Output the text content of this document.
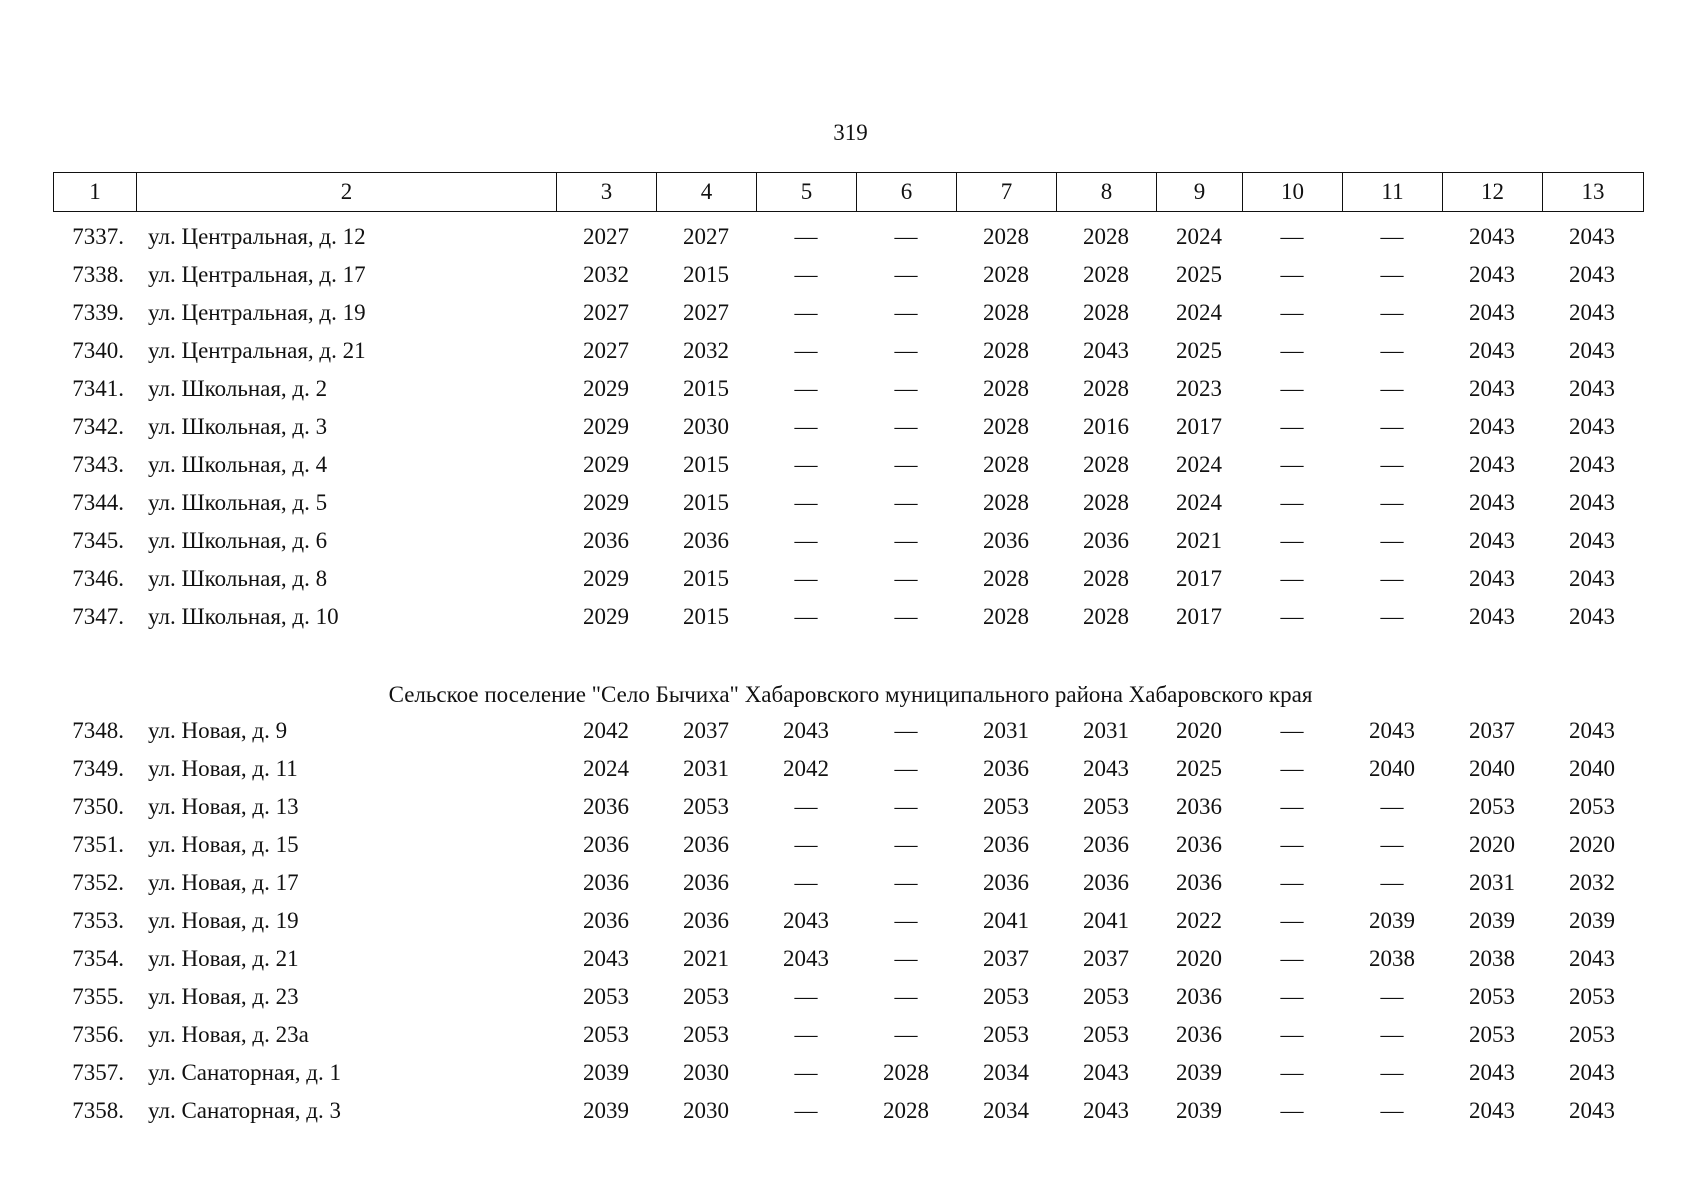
319
1	2	3	4	5	6	7	8	9	10	11	12	13
7337.	ул. Центральная, д. 12	2027	2027	—	—	2028	2028	2024	—	—	2043	2043
7338.	ул. Центральная, д. 17	2032	2015	—	—	2028	2028	2025	—	—	2043	2043
7339.	ул. Центральная, д. 19	2027	2027	—	—	2028	2028	2024	—	—	2043	2043
7340.	ул. Центральная, д. 21	2027	2032	—	—	2028	2043	2025	—	—	2043	2043
7341.	ул. Школьная, д. 2	2029	2015	—	—	2028	2028	2023	—	—	2043	2043
7342.	ул. Школьная, д. 3	2029	2030	—	—	2028	2016	2017	—	—	2043	2043
7343.	ул. Школьная, д. 4	2029	2015	—	—	2028	2028	2024	—	—	2043	2043
7344.	ул. Школьная, д. 5	2029	2015	—	—	2028	2028	2024	—	—	2043	2043
7345.	ул. Школьная, д. 6	2036	2036	—	—	2036	2036	2021	—	—	2043	2043
7346.	ул. Школьная, д. 8	2029	2015	—	—	2028	2028	2017	—	—	2043	2043
7347.	ул. Школьная, д. 10	2029	2015	—	—	2028	2028	2017	—	—	2043	2043
Сельское поселение "Село Бычиха" Хабаровского муниципального района Хабаровского края
7348.	ул. Новая, д. 9	2042	2037	2043	—	2031	2031	2020	—	2043	2037	2043
7349.	ул. Новая, д. 11	2024	2031	2042	—	2036	2043	2025	—	2040	2040	2040
7350.	ул. Новая, д. 13	2036	2053	—	—	2053	2053	2036	—	—	2053	2053
7351.	ул. Новая, д. 15	2036	2036	—	—	2036	2036	2036	—	—	2020	2020
7352.	ул. Новая, д. 17	2036	2036	—	—	2036	2036	2036	—	—	2031	2032
7353.	ул. Новая, д. 19	2036	2036	2043	—	2041	2041	2022	—	2039	2039	2039
7354.	ул. Новая, д. 21	2043	2021	2043	—	2037	2037	2020	—	2038	2038	2043
7355.	ул. Новая, д. 23	2053	2053	—	—	2053	2053	2036	—	—	2053	2053
7356.	ул. Новая, д. 23а	2053	2053	—	—	2053	2053	2036	—	—	2053	2053
7357.	ул. Санаторная, д. 1	2039	2030	—	2028	2034	2043	2039	—	—	2043	2043
7358.	ул. Санаторная, д. 3	2039	2030	—	2028	2034	2043	2039	—	—	2043	2043
